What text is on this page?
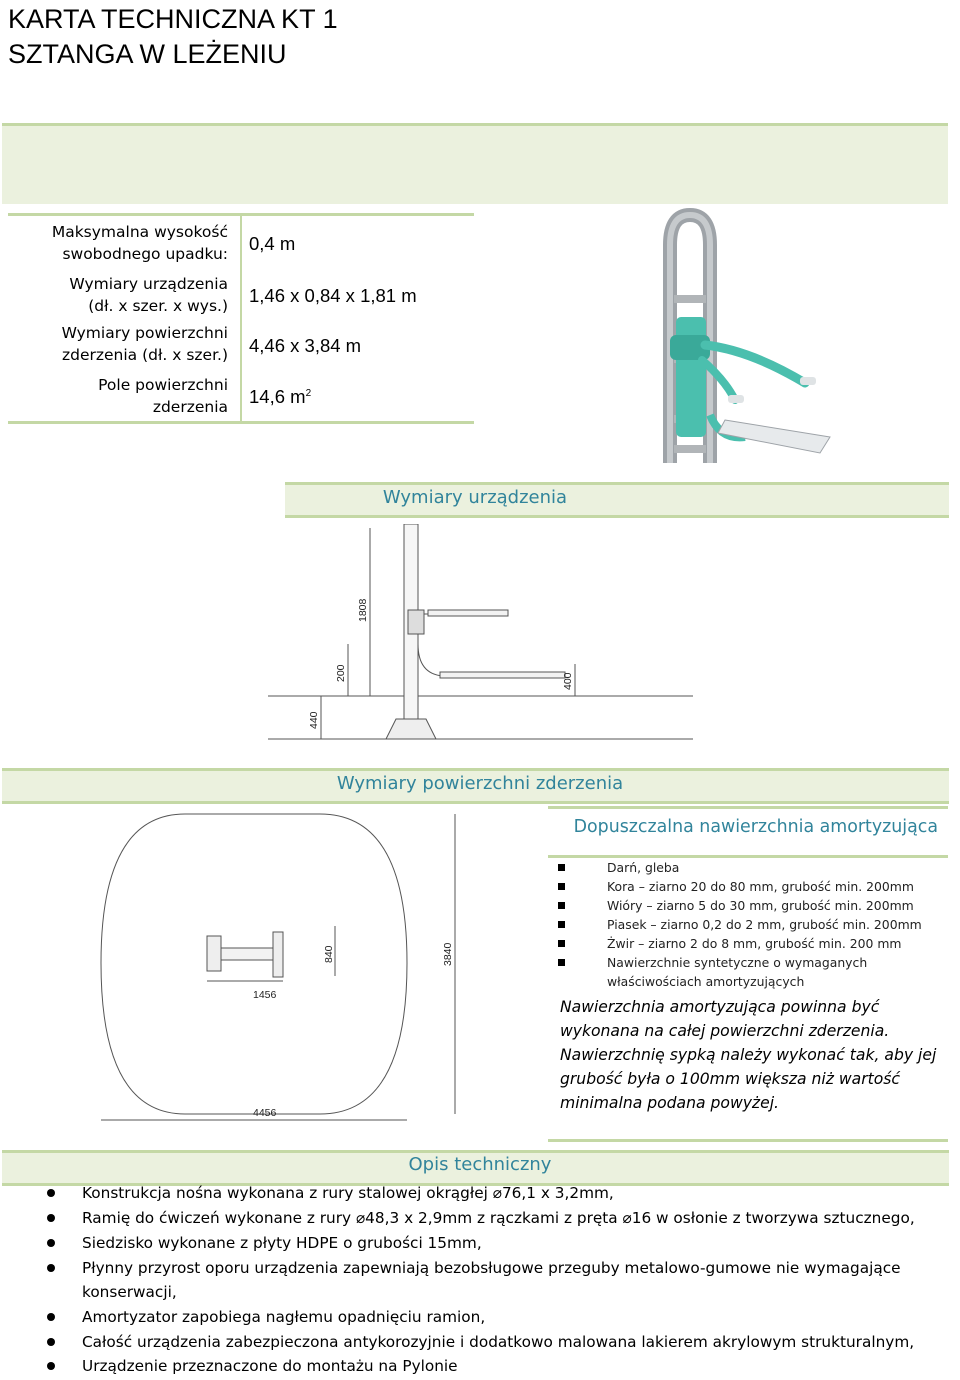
KARTA TECHNICZNA KT 1
SZTANGA W LEŻENIU
Maksymalna wysokość
swobodnego upadku: 0,4 m
Wymiary urządzenia
(dł. x szer. x wys.) 1,46 x 0,84 x 1,81 m
Wymiary powierzchni
zderzenia (dł. x szer.) 4,46 x 3,84 m
Pole powierzchni
zderzenia 14,6 $m^2$
Wymiary urządzenia
1808
200	400
440
Wymiary powierzchni zderzenia
1456
840	3840
4456
Dopuszczalna nawierzchnia amortyzująca
Darń, gleba
Kora – ziarno 20 do 80 mm, grubość min. 200mm
Wióry – ziarno 5 do 30 mm, grubość min. 200mm
Piasek – ziarno 0,2 do 2 mm, grubość min. 200mm
Żwir – ziarno 2 do 8 mm, grubość min. 200 mm
Nawierzchnie syntetyczne o wymaganych
właściwościach amortyzujących
Nawierzchnia amortyzująca powinna być
wykonana na całej powierzchni zderzenia.
Nawierzchnię sypką należy wykonać tak, aby jej
grubość była o 100mm większa niż wartość
minimalna podana powyżej.
Opis techniczny
Konstrukcja nośna wykonana z rury stalowej okrągłej ⌀76,1 x 3,2mm,
Ramię do ćwiczeń wykonane z rury ⌀48,3 x 2,9mm z rączkami z pręta ⌀16 w osłonie z tworzywa sztucznego,
Siedzisko wykonane z płyty HDPE o grubości 15mm,
Płynny przyrost oporu urządzenia zapewniają bezobsługowe przeguby metalowo-gumowe nie wymagające
konserwacji,
Amortyzator zapobiega nagłemu opadnięciu ramion,
Całość urządzenia zabezpieczona antykorozyjnie i dodatkowo malowana lakierem akrylowym strukturalnym,
Urządzenie przeznaczone do montażu na Pylonie
